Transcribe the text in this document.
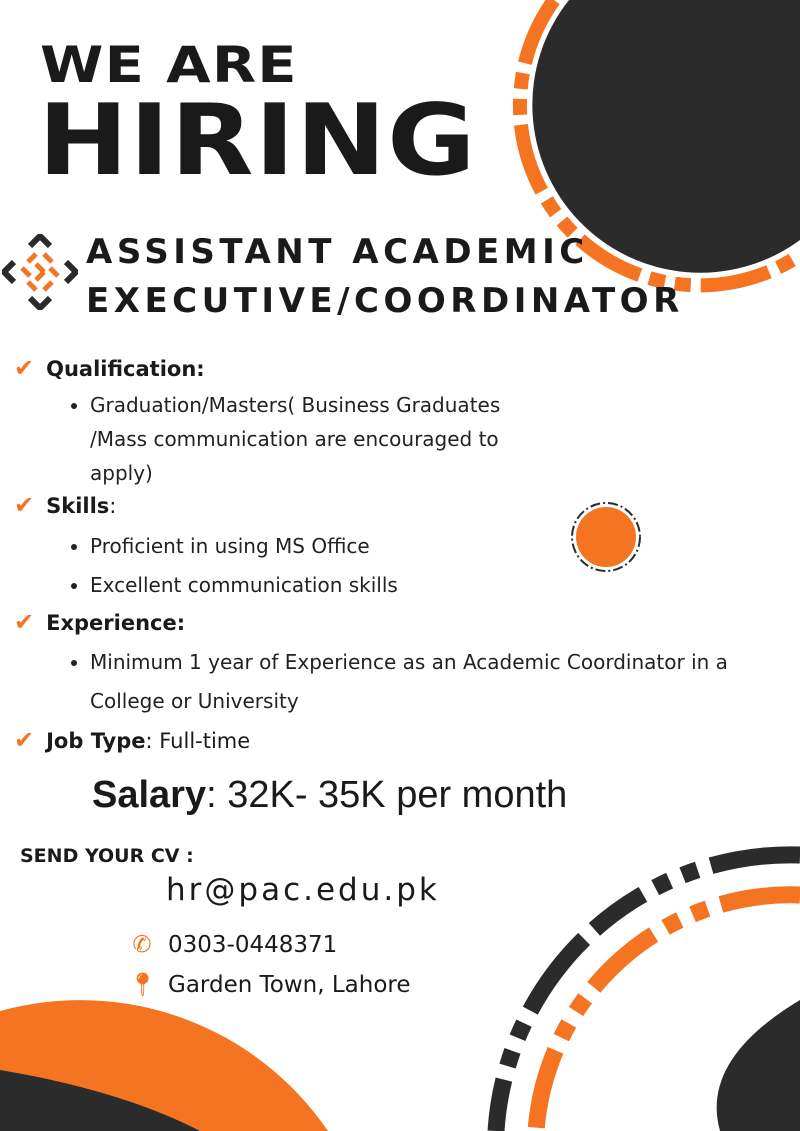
WE ARE
HIRING
ASSISTANT ACADEMIC
EXECUTIVE/COORDINATOR
✔ Qualification:
• Graduation/Masters( Business Graduates /Mass communication are encouraged to apply)
✔ Skills:
• Proficient in using MS Office
• Excellent communication skills
✔ Experience:
• Minimum 1 year of Experience as an Academic Coordinator in a College or University
✔ Job Type: Full-time
Salary: 32K- 35K per month
SEND YOUR CV :
hr@pac.edu.pk
✆ 0303-0448371
📍︎ Garden Town, Lahore
